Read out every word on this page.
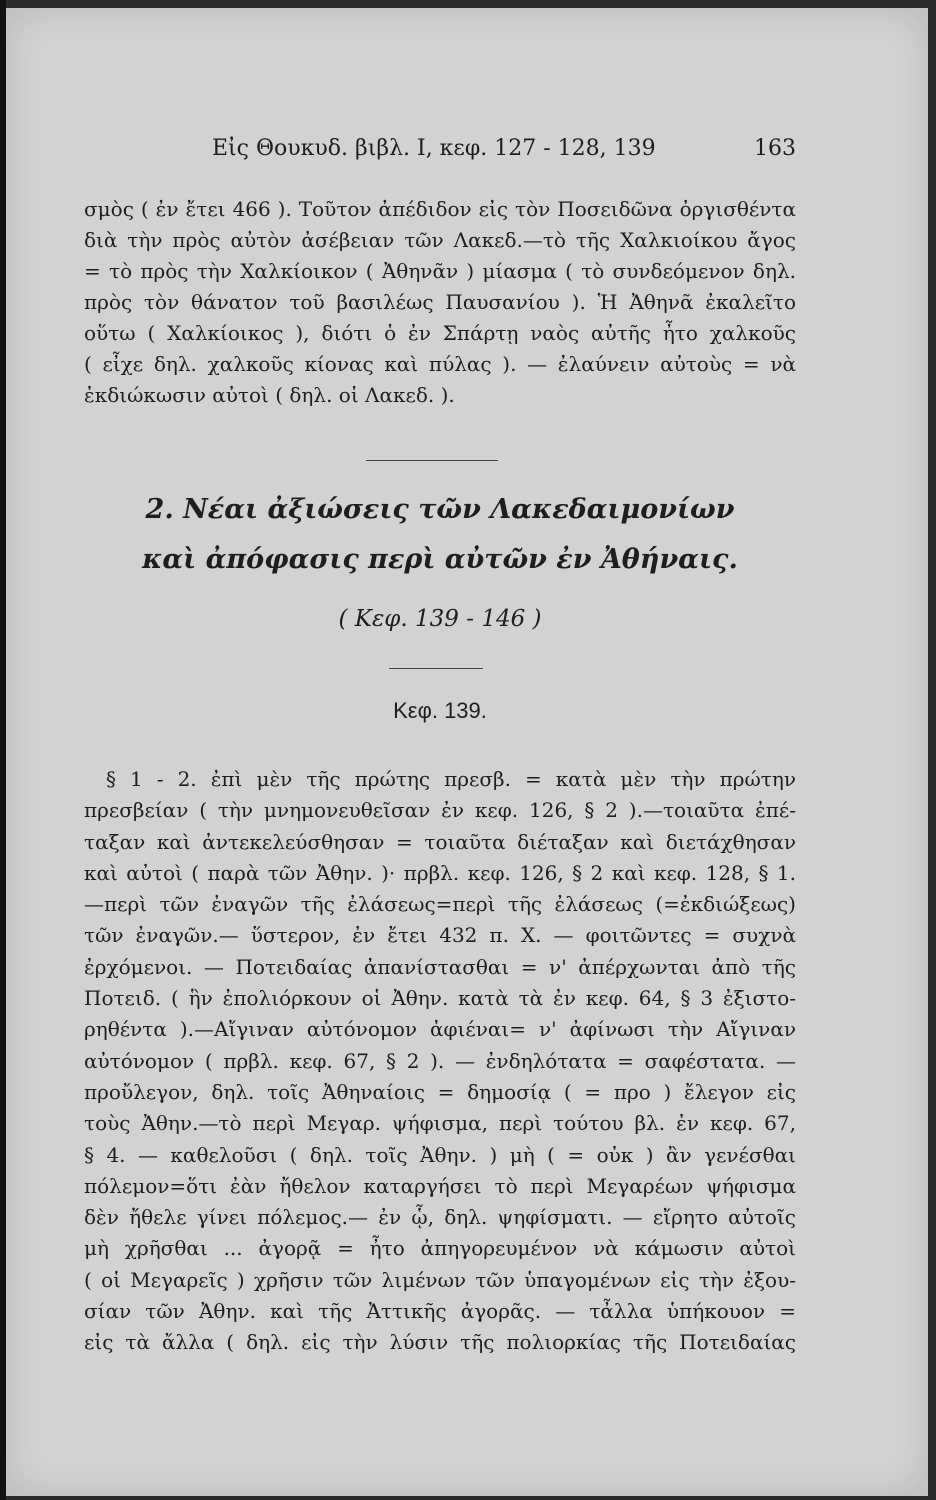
Εἰς Θουκυδ. βιβλ. Ι, κεφ. 127 - 128, 139	163
σμὸς ( ἐν ἔτει 466 ). Τοῦτον ἀπέδιδον εἰς τὸν Ποσειδῶνα ὀργισθέντα
διὰ τὴν πρὸς αὐτὸν ἀσέβειαν τῶν Λακεδ.—τὸ τῆς Χαλκιοίκου ἄγος
= τὸ πρὸς τὴν Χαλκίοικον ( Ἀθηνᾶν ) μίασμα ( τὸ συνδεόμενον δηλ.
πρὸς τὸν θάνατον τοῦ βασιλέως Παυσανίου ). Ἡ Ἀθηνᾶ ἐκαλεῖτο
οὕτω ( Χαλκίοικος ), διότι ὁ ἐν Σπάρτῃ ναὸς αὐτῆς ἦτο χαλκοῦς
( εἶχε δηλ. χαλκοῦς κίονας καὶ πύλας ). — ἐλαύνειν αὐτοὺς = νὰ
ἐκδιώκωσιν αὐτοὶ ( δηλ. οἱ Λακεδ. ).
2. Νέαι ἀξιώσεις τῶν Λακεδαιμονίων
καὶ ἀπόφασις περὶ αὐτῶν ἐν Ἀθήναις.
( Κεφ. 139 - 146 )
Κεφ. 139.
§ 1 - 2. ἐπὶ μὲν τῆς πρώτης πρεσβ. = κατὰ μὲν τὴν πρώτην
πρεσβείαν ( τὴν μνημονευθεῖσαν ἐν κεφ. 126, § 2 ).—τοιαῦτα ἐπέ-
ταξαν καὶ ἀντεκελεύσθησαν = τοιαῦτα διέταξαν καὶ διετάχθησαν
καὶ αὐτοὶ ( παρὰ τῶν Ἀθην. )· πρβλ. κεφ. 126, § 2 καὶ κεφ. 128, § 1.
—περὶ τῶν ἐναγῶν τῆς ἐλάσεως=περὶ τῆς ἐλάσεως (=ἐκδιώξεως)
τῶν ἐναγῶν.— ὕστερον, ἐν ἔτει 432 π. Χ. — φοιτῶντες = συχνὰ
ἐρχόμενοι. — Ποτειδαίας ἀπανίστασθαι = ν' ἀπέρχωνται ἀπὸ τῆς
Ποτειδ. ( ἣν ἐπολιόρκουν οἱ Ἀθην. κατὰ τὰ ἐν κεφ. 64, § 3 ἐξιστο-
ρηθέντα ).—Αἴγιναν αὐτόνομον ἀφιέναι= ν' ἀφίνωσι τὴν Αἴγιναν
αὐτόνομον ( πρβλ. κεφ. 67, § 2 ). — ἐνδηλότατα = σαφέστατα. —
προὔλεγον, δηλ. τοῖς Ἀθηναίοις = δημοσίᾳ ( = προ ) ἔλεγον εἰς
τοὺς Ἀθην.—τὸ περὶ Μεγαρ. ψήφισμα, περὶ τούτου βλ. ἐν κεφ. 67,
§ 4. — καθελοῦσι ( δηλ. τοῖς Ἀθην. ) μὴ ( = οὐκ ) ἂν γενέσθαι
πόλεμον=ὅτι ἐὰν ἤθελον καταργήσει τὸ περὶ Μεγαρέων ψήφισμα
δὲν ἤθελε γίνει πόλεμος.— ἐν ᾧ, δηλ. ψηφίσματι. — εἴρητο αὐτοῖς
μὴ χρῆσθαι ... ἀγορᾷ = ἦτο ἀπηγορευμένον νὰ κάμωσιν αὐτοὶ
( οἱ Μεγαρεῖς ) χρῆσιν τῶν λιμένων τῶν ὑπαγομένων εἰς τὴν ἐξου-
σίαν τῶν Ἀθην. καὶ τῆς Ἀττικῆς ἀγορᾶς. — τἆλλα ὑπήκουον =
εἰς τὰ ἄλλα ( δηλ. εἰς τὴν λύσιν τῆς πολιορκίας τῆς Ποτειδαίας
